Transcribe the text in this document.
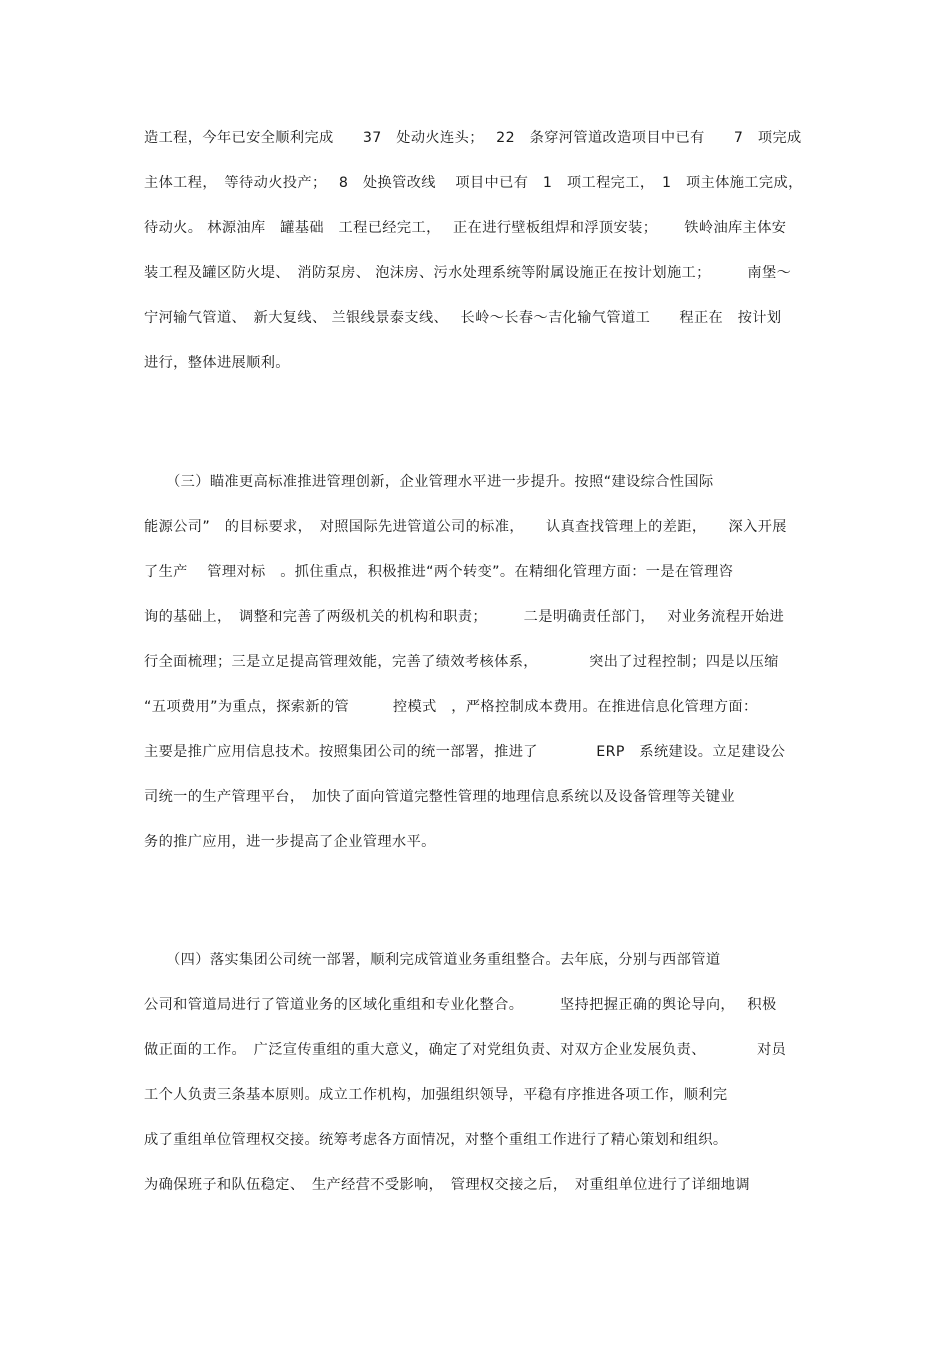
造工程，今年已安全顺利完成　　37　处动火连头；　 22　条穿河管道改造项目中已有　　7　项完成
主体工程，　等待动火投产；　 8　处换管改线　 项目中已有　1　项工程完工，　1　项主体施工完成，
待动火。 林源油库　罐基础　工程已经完工，　 正在进行壁板组焊和浮顶安装；　　 铁岭油库主体安
装工程及罐区防火堤、　消防泵房、 泡沫房、污水处理系统等附属设施正在按计划施工；　　　南堡～
宁河输气管道、　新大复线、 兰银线景泰支线、　 长岭～长春～吉化输气管道工　　程正在　按计划
进行，整体进展顺利。
　　（三）瞄准更高标准推进管理创新，企业管理水平进一步提升。按照“建设综合性国际
能源公司”　的目标要求，　对照国际先进管道公司的标准，　　认真查找管理上的差距，　　深入开展
了生产　 管理对标　。抓住重点，积极推进“两个转变”。在精细化管理方面：一是在管理咨
询的基础上，　调整和完善了两级机关的机构和职责；　　　二是明确责任部门，　 对业务流程开始进
行全面梳理；三是立足提高管理效能，完善了绩效考核体系，　　　　突出了过程控制；四是以压缩
“五项费用”为重点，探索新的管　　　控模式　，严格控制成本费用。在推进信息化管理方面：
主要是推广应用信息技术。按照集团公司的统一部署，推进了　　　　ERP　系统建设。立足建设公
司统一的生产管理平台，　加快了面向管道完整性管理的地理信息系统以及设备管理等关键业
务的推广应用，进一步提高了企业管理水平。
　　（四）落实集团公司统一部署，顺利完成管道业务重组整合。去年底，分别与西部管道
公司和管道局进行了管道业务的区域化重组和专业化整合。　　　坚持把握正确的舆论导向，　 积极
做正面的工作。　广泛宣传重组的重大意义，确定了对党组负责、对双方企业发展负责、　　　　对员
工个人负责三条基本原则。成立工作机构，加强组织领导，平稳有序推进各项工作，顺利完
成了重组单位管理权交接。统筹考虑各方面情况，对整个重组工作进行了精心策划和组织。
为确保班子和队伍稳定、　生产经营不受影响，　管理权交接之后，　对重组单位进行了详细地调
